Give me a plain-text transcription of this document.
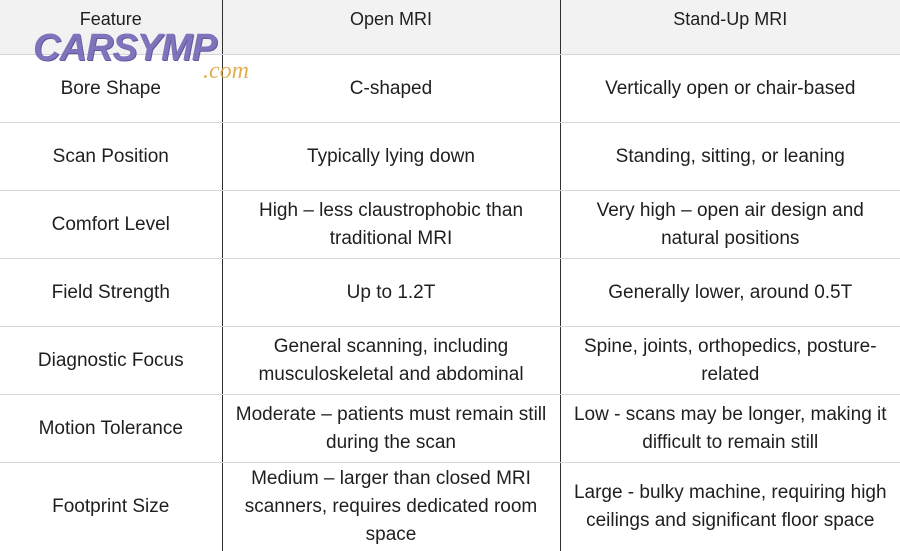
Feature	Open MRI	Stand-Up MRI
Bore Shape	C-shaped	Vertically open or chair-based
Scan Position	Typically lying down	Standing, sitting, or leaning
Comfort Level	High – less claustrophobic than traditional MRI	Very high – open air design and natural positions
Field Strength	Up to 1.2T	Generally lower, around 0.5T
Diagnostic Focus	General scanning, including musculoskeletal and abdominal	Spine, joints, orthopedics, posture-related
Motion Tolerance	Moderate – patients must remain still during the scan	Low - scans may be longer, making it difficult to remain still
Footprint Size	Medium – larger than closed MRI scanners, requires dedicated room space	Large - bulky machine, requiring high ceilings and significant floor space
CARSYMP
.com
